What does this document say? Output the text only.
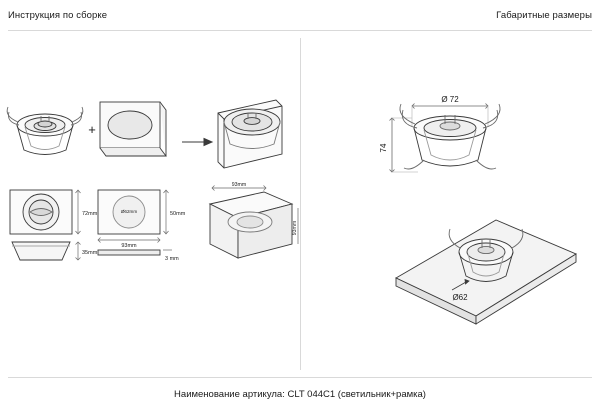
Инструкция по сборке	Габаритные размеры
+
72mm
35mm
Ø62mm
93mm
50mm
3 mm
93mm
93mm
Ø 72
74
Ø62
Наименование артикула: CLT 044C1 (светильник+рамка)
